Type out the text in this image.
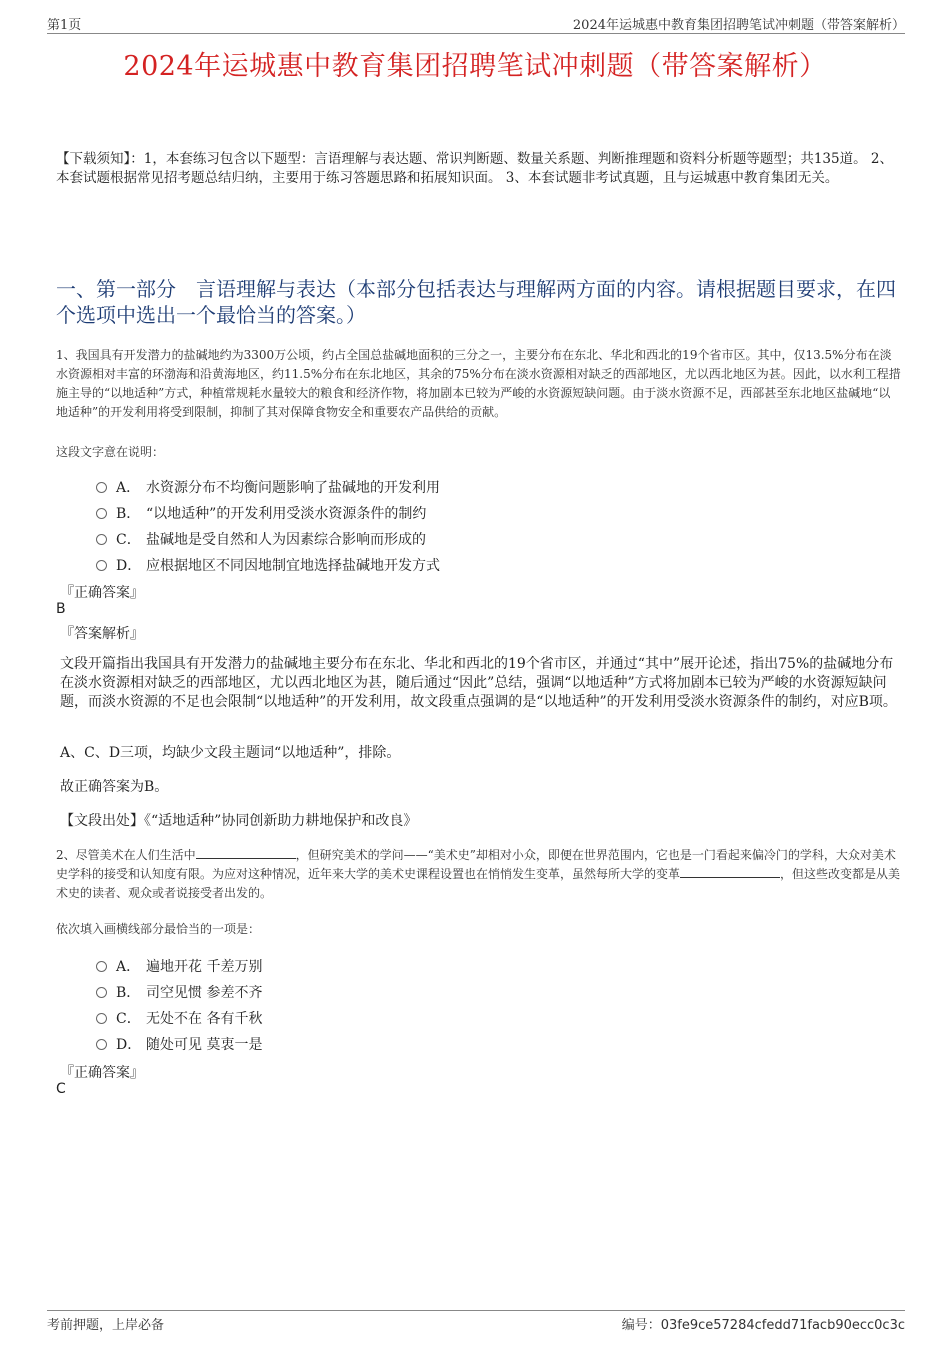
第1页	2024年运城惠中教育集团招聘笔试冲刺题（带答案解析）
2024年运城惠中教育集团招聘笔试冲刺题（带答案解析）
【下载须知】：1，本套练习包含以下题型：言语理解与表达题、常识判断题、数量关系题、判断推理题和资料分析题等题型；共135道。 2、本套试题根据常见招考题总结归纳，主要用于练习答题思路和拓展知识面。 3、本套试题非考试真题，且与运城惠中教育集团无关。
一、第一部分　言语理解与表达（本部分包括表达与理解两方面的内容。请根据题目要求，在四个选项中选出一个最恰当的答案。）
1、我国具有开发潜力的盐碱地约为3300万公顷，约占全国总盐碱地面积的三分之一，主要分布在东北、华北和西北的19个省市区。其中，仅13.5%分布在淡水资源相对丰富的环渤海和沿黄海地区，约11.5%分布在东北地区，其余的75%分布在淡水资源相对缺乏的西部地区，尤以西北地区为甚。因此，以水利工程措施主导的“以地适种”方式，种植常规耗水量较大的粮食和经济作物，将加剧本已较为严峻的水资源短缺问题。由于淡水资源不足，西部甚至东北地区盐碱地“以地适种”的开发利用将受到限制，抑制了其对保障食物安全和重要农产品供给的贡献。
这段文字意在说明：
A． 水资源分布不均衡问题影响了盐碱地的开发利用
B． “以地适种”的开发利用受淡水资源条件的制约
C． 盐碱地是受自然和人为因素综合影响而形成的
D． 应根据地区不同因地制宜地选择盐碱地开发方式
『正确答案』
B
『答案解析』
文段开篇指出我国具有开发潜力的盐碱地主要分布在东北、华北和西北的19个省市区，并通过“其中”展开论述，指出75%的盐碱地分布在淡水资源相对缺乏的西部地区，尤以西北地区为甚，随后通过“因此”总结，强调“以地适种”方式将加剧本已较为严峻的水资源短缺问题，而淡水资源的不足也会限制“以地适种”的开发利用，故文段重点强调的是“以地适种”的开发利用受淡水资源条件的制约，对应B项。
A、C、D三项，均缺少文段主题词“以地适种”，排除。
故正确答案为B。
【文段出处】《“适地适种”协同创新助力耕地保护和改良》
2、尽管美术在人们生活中	，但研究美术的学问——“美术史”却相对小众，即便在世界范围内，它也是一门看起来偏冷门的学科，大众对美术史学科的接受和认知度有限。为应对这种情况，近年来大学的美术史课程设置也在悄悄发生变革，虽然每所大学的变革	，但这些改变都是从美术史的读者、观众或者说接受者出发的。
依次填入画横线部分最恰当的一项是：
A． 遍地开花 千差万别
B． 司空见惯 参差不齐
C． 无处不在 各有千秋
D． 随处可见 莫衷一是
『正确答案』
C
考前押题，上岸必备	编号：03fe9ce57284cfedd71facb90ecc0c3c
